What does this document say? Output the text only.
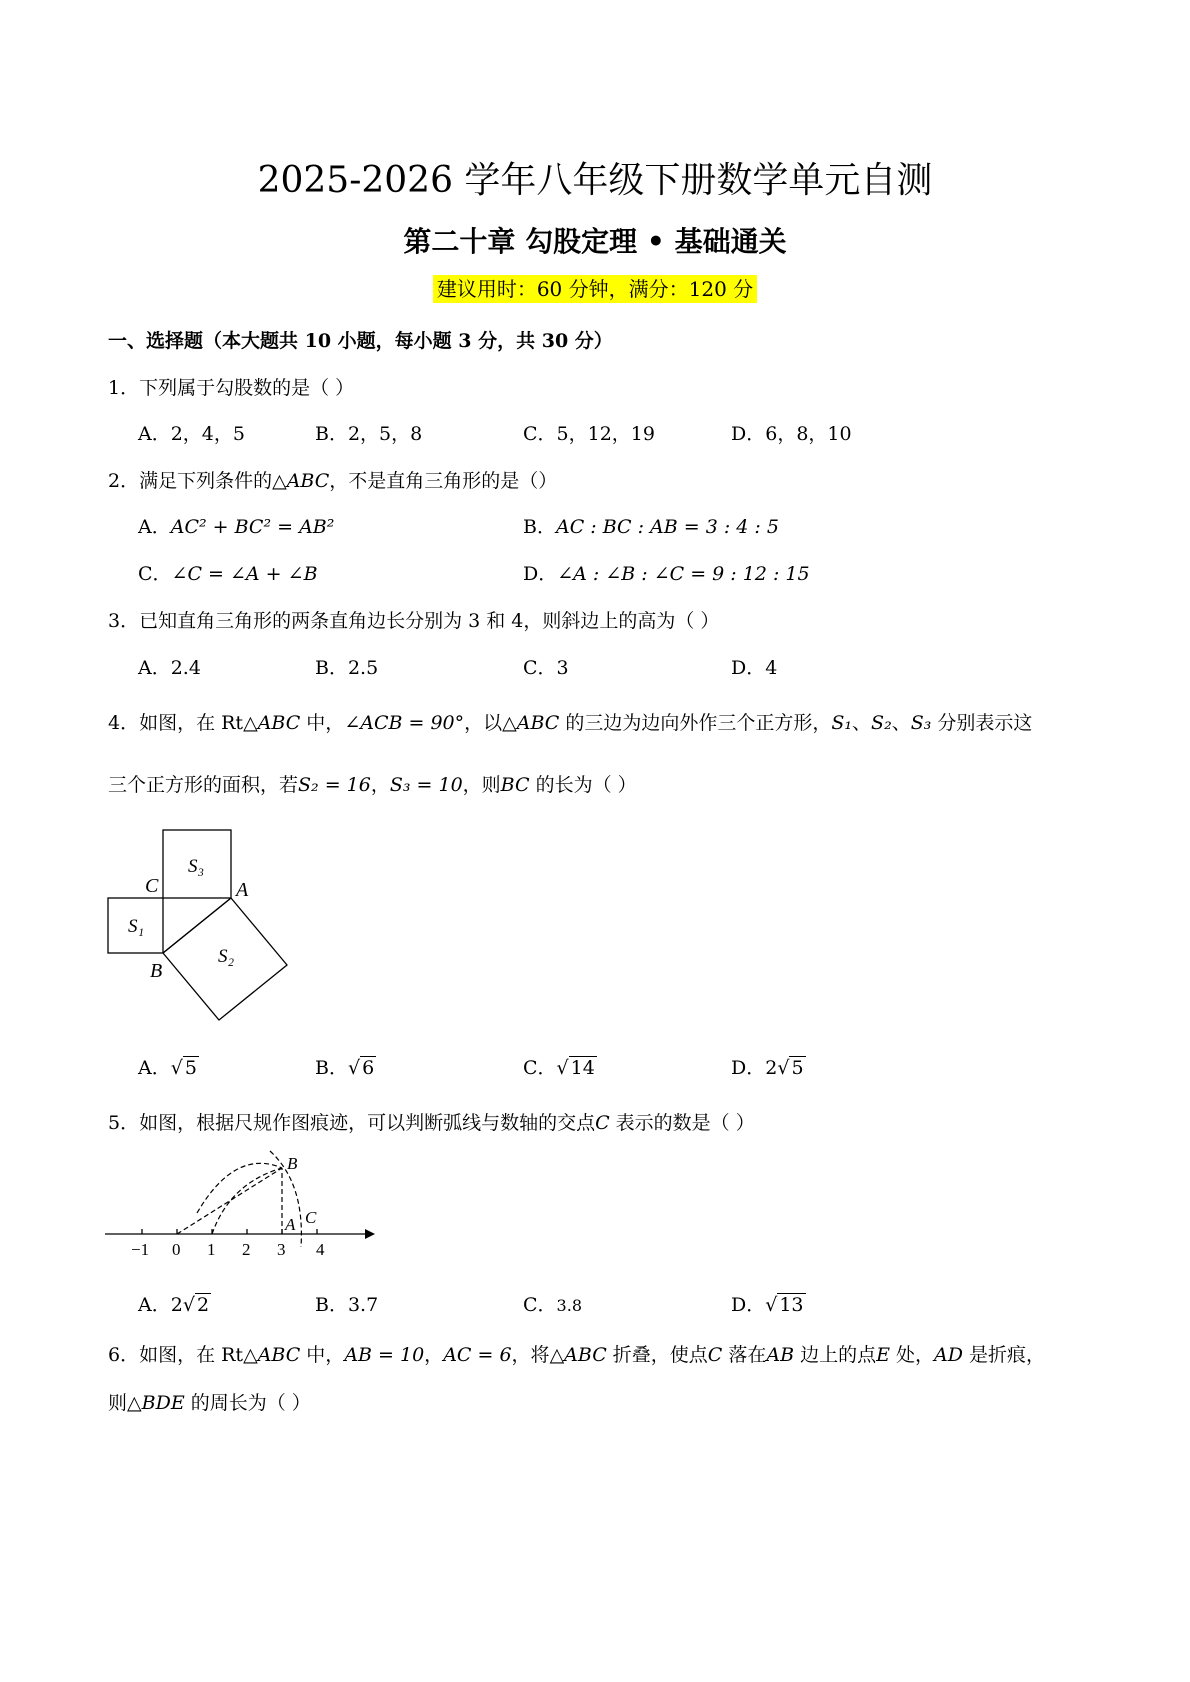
2025-2026 学年八年级下册数学单元自测
第二十章 勾股定理 • 基础通关
建议用时：60 分钟，满分：120 分
一、选择题（本大题共 10 小题，每小题 3 分，共 30 分）
1．下列属于勾股数的是（ ）
A．2，4，5	B．2，5，8	C．5，12，19	D．6，8，10
2．满足下列条件的△ABC，不是直角三角形的是（）
A．AC² + BC² = AB²	B．AC : BC : AB = 3 : 4 : 5
C．∠C = ∠A + ∠B	D．∠A : ∠B : ∠C = 9 : 12 : 15
3．已知直角三角形的两条直角边长分别为 3 和 4，则斜边上的高为（ ）
A．2.4	B．2.5	C．3	D．4
4．如图，在 Rt△ABC 中，∠ACB = 90°，以△ABC 的三边为边向外作三个正方形，S₁、S₂、S₃ 分别表示这
三个正方形的面积，若S₂ = 16，S₃ = 10，则BC 的长为（ ）
S₃
S₁
S₂
C	A
B
A．√ 5	B．√ 6	C．√ 14	D．2√ 5
5．如图，根据尺规作图痕迹，可以判断弧线与数轴的交点C 表示的数是（ ）
−1 0 1 2 3 4
B
A C
A．2√ 2	B．3.7	C．3.8	D．√ 13
6．如图，在 Rt△ABC 中，AB = 10，AC = 6，将△ABC 折叠，使点C 落在AB 边上的点E 处，AD 是折痕，
则△BDE 的周长为（ ）
